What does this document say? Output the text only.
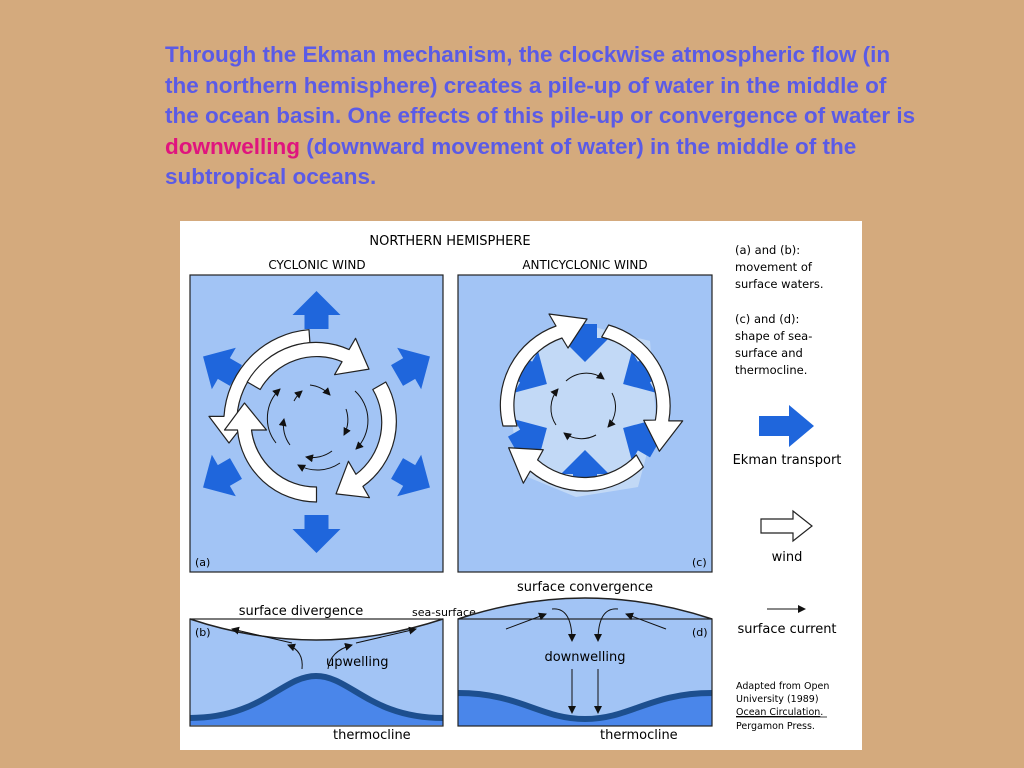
Through the Ekman mechanism, the clockwise atmospheric flow (in the northern hemisphere) creates a pile-up of water in the middle of the ocean basin. One effects of this pile-up or convergence of water is downwelling (downward movement of water) in the middle of the subtropical oceans.

NORTHERN HEMISPHERE
CYCLONIC WIND	ANTICYCLONIC WIND
(a)	(c)
surface divergence	sea-surface
upwelling
(b)
thermocline
surface convergence
downwelling
(d)
thermocline
(a) and (b):
movement of
surface waters.
(c) and (d):
shape of sea-
surface and
thermocline.
Ekman transport
wind
surface current
Adapted from Open
University (1989)
Ocean Circulation.
Pergamon Press.
